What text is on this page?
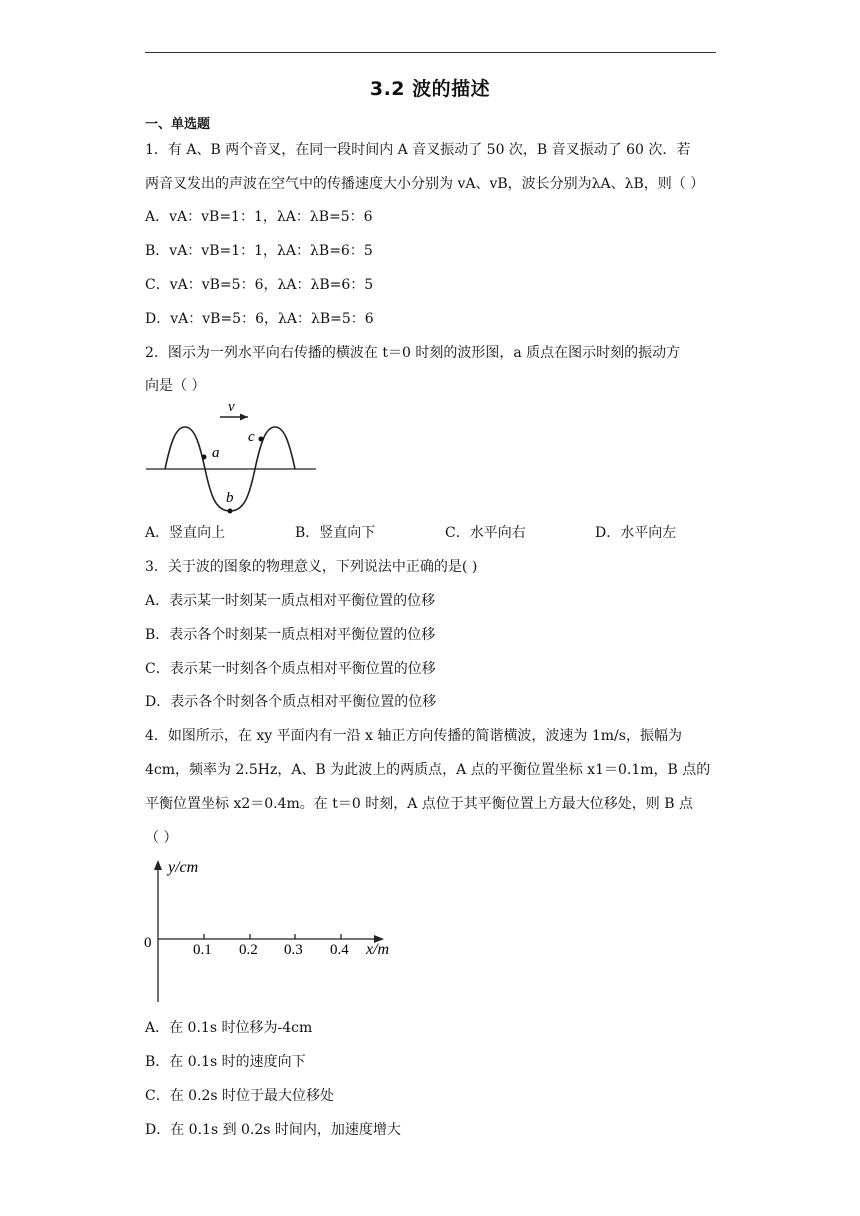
3.2 波的描述
一、单选题
1．有 A、B 两个音叉，在同一段时间内 A 音叉振动了 50 次，B 音叉振动了 60 次．若
两音叉发出的声波在空气中的传播速度大小分别为 vA、vB，波长分别为λA、λB，则（ ）
A．vA：vB=1：1，λA：λB=5：6
B．vA：vB=1：1，λA：λB=6：5
C．vA：vB=5：6，λA：λB=6：5
D．vA：vB=5：6，λA：λB=5：6
2．图示为一列水平向右传播的横波在 t＝0 时刻的波形图，a 质点在图示时刻的振动方
向是（ ）
v
a
b
c
A．竖直向上	B．竖直向下	C．水平向右	D．水平向左
3．关于波的图象的物理意义，下列说法中正确的是( )
A．表示某一时刻某一质点相对平衡位置的位移
B．表示各个时刻某一质点相对平衡位置的位移
C．表示某一时刻各个质点相对平衡位置的位移
D．表示各个时刻各个质点相对平衡位置的位移
4．如图所示，在 xy 平面内有一沿 x 轴正方向传播的简谐横波，波速为 1m/s，振幅为
4cm，频率为 2.5Hz，A、B 为此波上的两质点，A 点的平衡位置坐标 x1＝0.1m，B 点的
平衡位置坐标 x2＝0.4m。在 t＝0 时刻，A 点位于其平衡位置上方最大位移处，则 B 点
（ ）
y/cm
x/m
0	0.1 0.2 0.3 0.4
A．在 0.1s 时位移为-4cm
B．在 0.1s 时的速度向下
C．在 0.2s 时位于最大位移处
D．在 0.1s 到 0.2s 时间内，加速度增大
